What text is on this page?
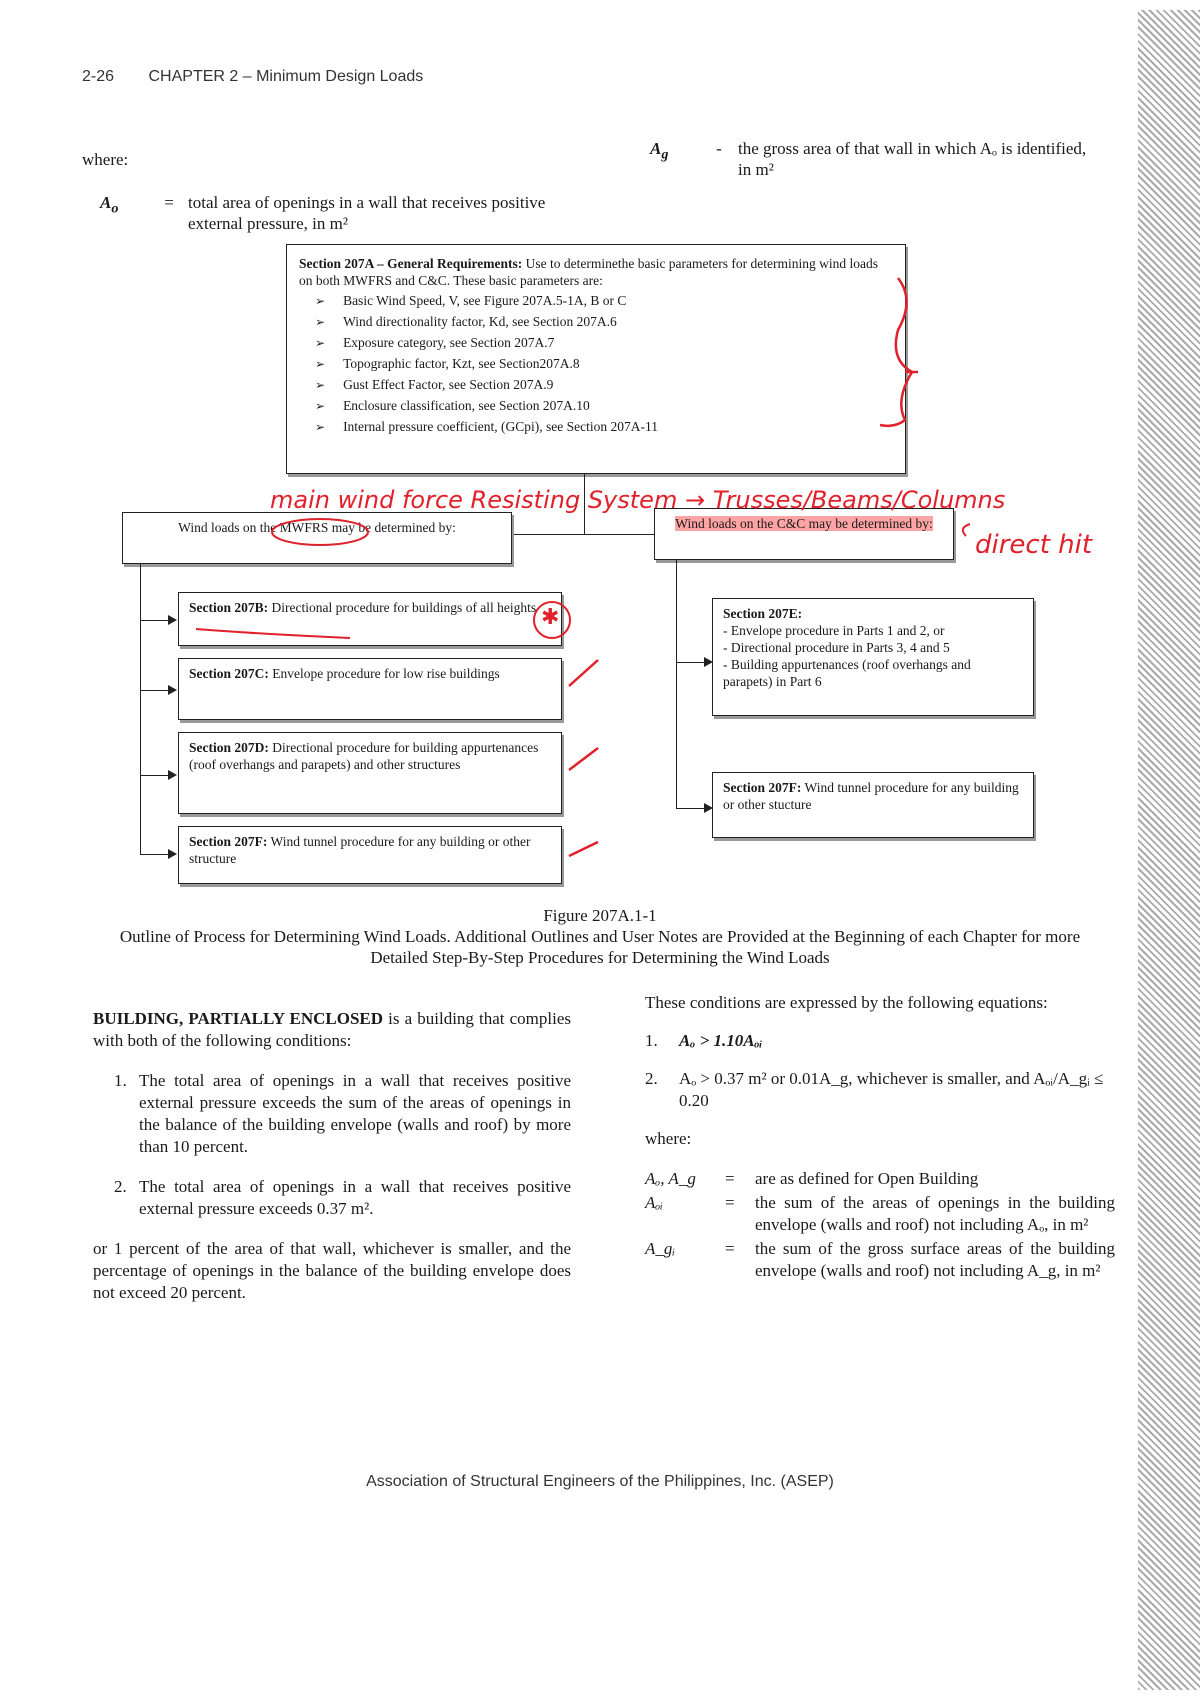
2-26 CHAPTER 2 – Minimum Design Loads
where:
$A_o$	= total area of openings in a wall that receives positive external pressure, in m²
$A_g$	- the gross area of that wall in which Aₒ is identified, in m²
Section 207A – General Requirements: Use to determinethe basic parameters for determining wind loads on both MWFRS and C&C. These basic parameters are:
➢ Basic Wind Speed, V, see Figure 207A.5-1A, B or C
➢ Wind directionality factor, Kd, see Section 207A.6
➢ Exposure category, see Section 207A.7
➢ Topographic factor, Kzt, see Section207A.8
➢ Gust Effect Factor, see Section 207A.9
➢ Enclosure classification, see Section 207A.10
➢ Internal pressure coefficient, (GCpi), see Section 207A-11
Wind loads on the MWFRS may be determined by:	Wind loads on the C&C may be determined by:
Section 207B: Directional procedure for buildings of all heights
Section 207C: Envelope procedure for low rise buildings
Section 207D: Directional procedure for building appurtenances (roof overhangs and parapets) and other structures
Section 207F: Wind tunnel procedure for any building or other structure
Section 207E:
- Envelope procedure in Parts 1 and 2, or
- Directional procedure in Parts 3, 4 and 5
- Building appurtenances (roof overhangs and parapets) in Part 6
Section 207F: Wind tunnel procedure for any building or other stucture
main wind force Resisting System → Trusses/Beams/Columns
direct hit
✱
Figure 207A.1-1
Outline of Process for Determining Wind Loads. Additional Outlines and User Notes are Provided at the Beginning of each Chapter for more Detailed Step-By-Step Procedures for Determining the Wind Loads

BUILDING, PARTIALLY ENCLOSED is a building that complies with both of the following conditions:

1. The total area of openings in a wall that receives positive external pressure exceeds the sum of the areas of openings in the balance of the building envelope (walls and roof) by more than 10 percent.
2. The total area of openings in a wall that receives positive external pressure exceeds 0.37 m².

or 1 percent of the area of that wall, whichever is smaller, and the percentage of openings in the balance of the building envelope does not exceed 20 percent.

These conditions are expressed by the following equations:
1.	Aₒ > 1.10Aₒᵢ
2.	Aₒ > 0.37 m² or 0.01A_g, whichever is smaller, and Aₒᵢ/A_gᵢ ≤ 0.20
where:
Aₒ, A_g	=	are as defined for Open Building
Aₒᵢ	=	the sum of the areas of openings in the building envelope (walls and roof) not including Aₒ, in m²
A_gᵢ	=	the sum of the gross surface areas of the building envelope (walls and roof) not including A_g, in m²
Association of Structural Engineers of the Philippines, Inc. (ASEP)
